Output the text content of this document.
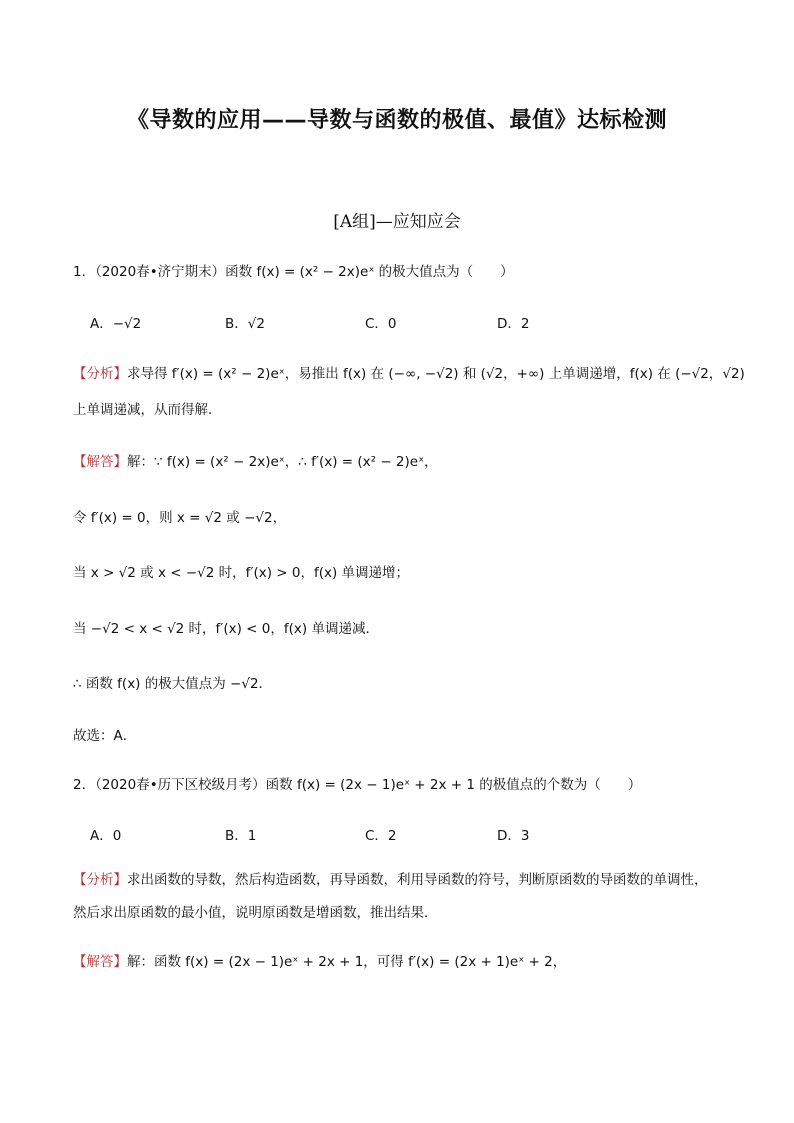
《导数的应用——导数与函数的极值、最值》达标检测
[A组]—应知应会
1．（2020春•济宁期末）函数 f(x) = (x² − 2x)eˣ 的极大值点为（　　）
A．−√2	B．√2	C．0	D．2
【分析】求导得 f′(x) = (x² − 2)eˣ，易推出 f(x) 在 (−∞, −√2) 和 (√2，+∞) 上单调递增，f(x) 在 (−√2，√2)
上单调递减，从而得解．
【解答】解：∵ f(x) = (x² − 2x)eˣ，∴ f′(x) = (x² − 2)eˣ，
令 f′(x) = 0，则 x = √2 或 −√2，
当 x > √2 或 x < −√2 时，f′(x) > 0，f(x) 单调递增；
当 −√2 < x < √2 时，f′(x) < 0，f(x) 单调递减．
∴ 函数 f(x) 的极大值点为 −√2．
故选：A．
2．（2020春•历下区校级月考）函数 f(x) = (2x − 1)eˣ + 2x + 1 的极值点的个数为（　　）
A．0	B．1	C．2	D．3
【分析】求出函数的导数，然后构造函数，再导函数，利用导函数的符号，判断原函数的导函数的单调性，
然后求出原函数的最小值，说明原函数是增函数，推出结果．
【解答】解：函数 f(x) = (2x − 1)eˣ + 2x + 1，可得 f′(x) = (2x + 1)eˣ + 2，
